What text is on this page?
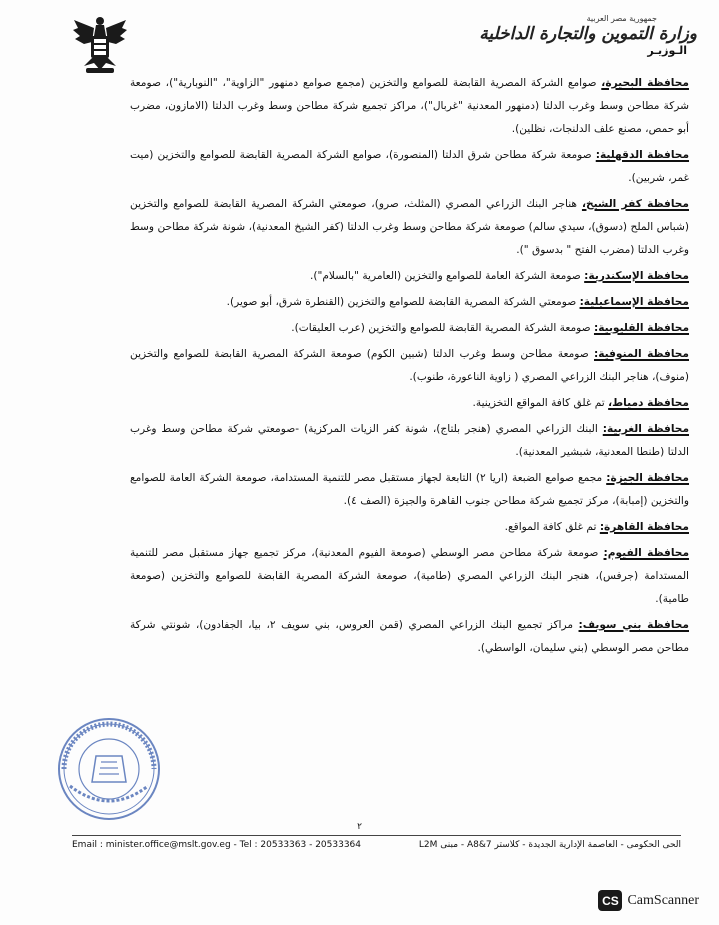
جمهورية مصر العربية
وزارة التموين والتجارة الداخلية
الـوزيـر

محافظة البحيرة، صوامع الشركة المصرية القابضة للصوامع والتخزين (مجمع صوامع دمنهور "الزاوية"، "النوبارية")، صومعة شركة مطاحن وسط وغرب الدلتا (دمنهور المعدنية "غربال")، مراكز تجميع شركة مطاحن وسط وغرب الدلتا (الامازون، مضرب أبو حمص، مصنع علف الدلنجات، نظلين).

محافظة الدقهلية: صومعة شركة مطاحن شرق الدلتا (المنصورة)، صوامع الشركة المصرية القابضة للصوامع والتخزين (ميت غمر، شربين).

محافظة كفر الشيخ، هناجر البنك الزراعي المصري (المثلث، صرو)، صومعتي الشركة المصرية القابضة للصوامع والتخزين (شباس الملح (دسوق)، سيدي سالم) صومعة شركة مطاحن وسط وغرب الدلتا (كفر الشيخ المعدنية)، شونة شركة مطاحن وسط وغرب الدلتا (مضرب الفتح " بدسوق ").

محافظة الإسكندرية: صومعة الشركة العامة للصوامع والتخزين (العامرية "بالسلام").

محافظة الإسماعيلية: صومعتي الشركة المصرية القابضة للصوامع والتخزين (القنطرة شرق، أبو صوير).

محافظة القليوبية: صومعة الشركة المصرية القابضة للصوامع والتخزين (عرب العليقات).

محافظة المنوفية: صومعة مطاحن وسط وغرب الدلتا (شبين الكوم) صومعة الشركة المصرية القابضة للصوامع والتخزين (منوف)، هناجر البنك الزراعي المصري ( زاوية الناعورة، طنوب).

محافظة دمياط، تم غلق كافة المواقع التخزينية.

محافظة الغربية: البنك الزراعي المصري (هنجر بلتاج)، شونة كفر الزيات المركزية) -صومعتي شركة مطاحن وسط وغرب الدلتا (طنطا المعدنية، شبشير المعدنية).

محافظة الجيزة: مجمع صوامع الضبعة (اريا ٢) التابعة لجهاز مستقبل مصر للتنمية المستدامة، صومعة الشركة العامة للصوامع والتخزين (إمبابة)، مركز تجميع شركة مطاحن جنوب القاهرة والجيزة (الصف ٤).

محافظة القاهرة: تم غلق كافة المواقع.

محافظة الفيوم: صومعة شركة مطاحن مصر الوسطي (صومعة الفيوم المعدنية)، مركز تجميع جهاز مستقبل مصر للتنمية المستدامة (جرفس)، هنجر البنك الزراعي المصري (طامية)، صومعة الشركة المصرية القابضة للصوامع والتخزين (صومعة طامية).

محافظة بني سويف: مراكز تجميع البنك الزراعي المصري (قمن العروس، بني سويف ٢، بيا، الجفادون)، شونتي شركة مطاحن مصر الوسطي (بني سليمان، الواسطي).

٢
Email : minister.office@mslt.gov.eg - Tel : 20533363 - 20533364	الحى الحكومى - العاصمة الإدارية الجديدة - كلاستر A8&7 - مبنى L2M
CS CamScanner
